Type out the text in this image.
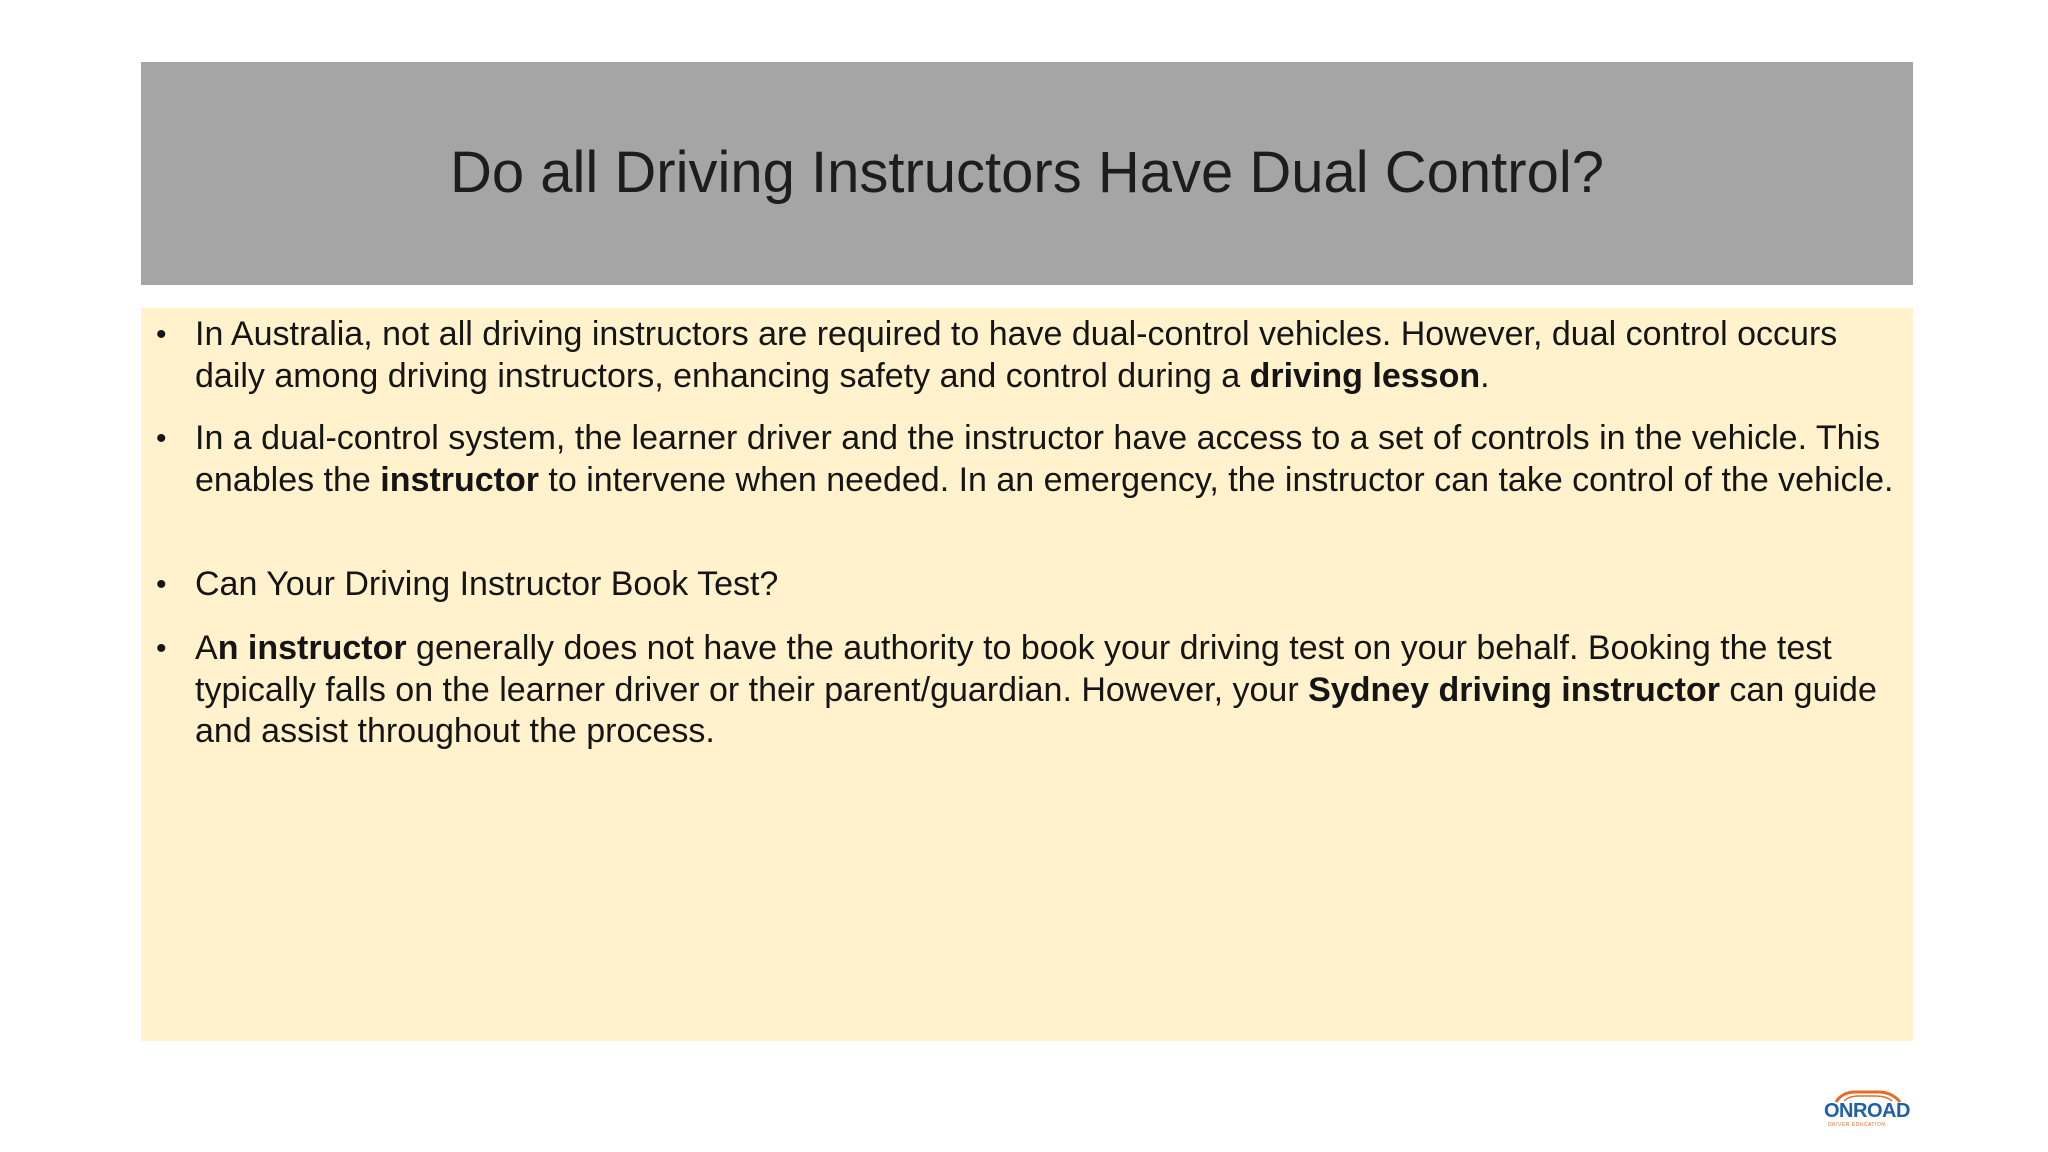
Do all Driving Instructors Have Dual Control?
• In Australia, not all driving instructors are required to have dual-control vehicles. However, dual control occurs daily among driving instructors, enhancing safety and control during a driving lesson.
• In a dual-control system, the learner driver and the instructor have access to a set of controls in the vehicle. This enables the instructor to intervene when needed. In an emergency, the instructor can take control of the vehicle.
• Can Your Driving Instructor Book Test?
• An instructor generally does not have the authority to book your driving test on your behalf. Booking the test typically falls on the learner driver or their parent/guardian. However, your Sydney driving instructor can guide and assist throughout the process.
ONROAD
DRIVER EDUCATION
